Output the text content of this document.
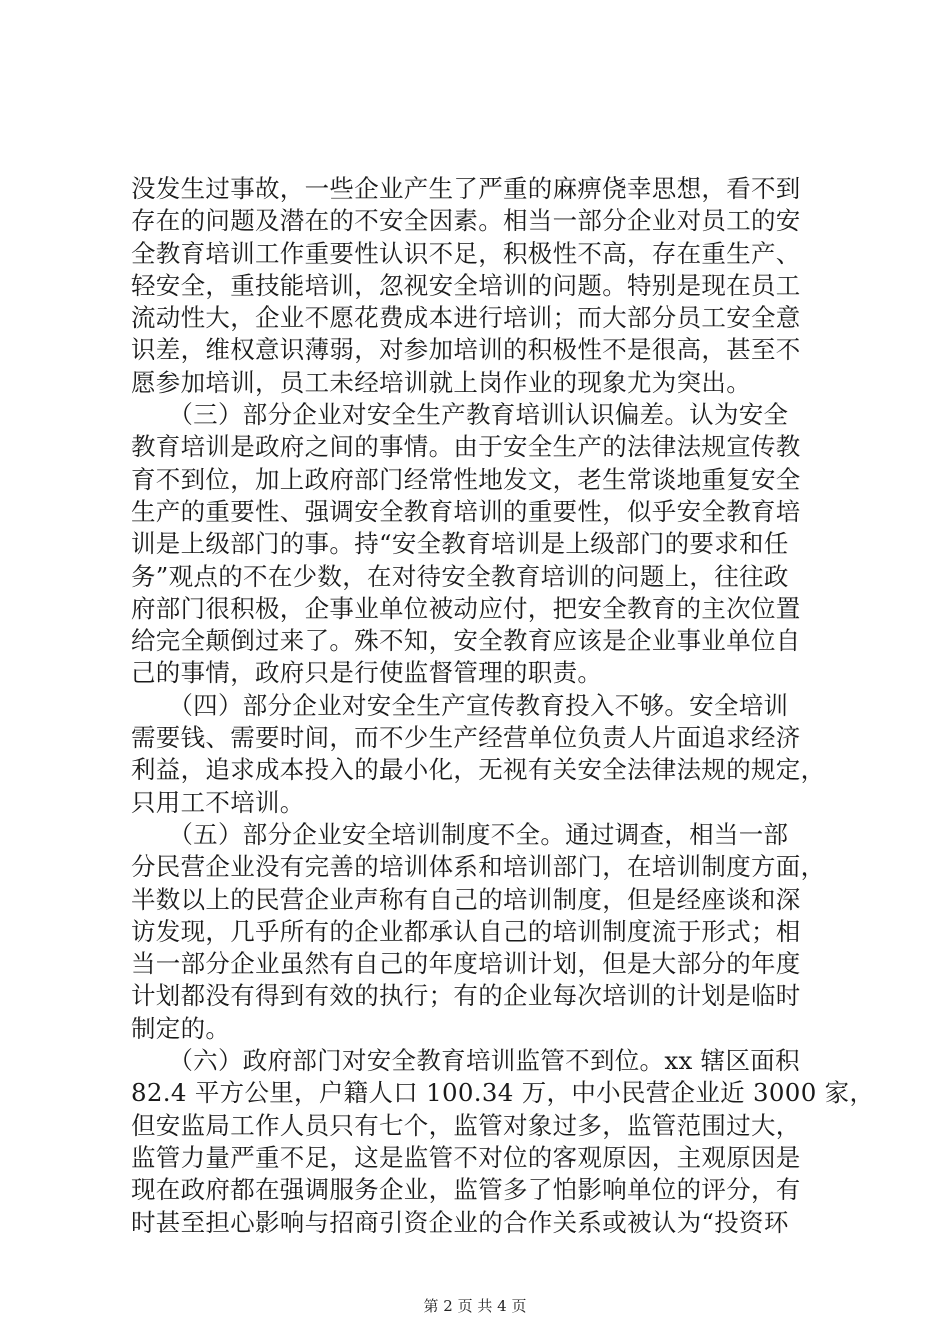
没发生过事故，一些企业产生了严重的麻痹侥幸思想，看不到
存在的问题及潜在的不安全因素。相当一部分企业对员工的安
全教育培训工作重要性认识不足，积极性不高，存在重生产、
轻安全，重技能培训，忽视安全培训的问题。特别是现在员工
流动性大，企业不愿花费成本进行培训；而大部分员工安全意
识差，维权意识薄弱，对参加培训的积极性不是很高，甚至不
愿参加培训，员工未经培训就上岗作业的现象尤为突出。

　　（三）部分企业对安全生产教育培训认识偏差。认为安全
教育培训是政府之间的事情。由于安全生产的法律法规宣传教
育不到位，加上政府部门经常性地发文，老生常谈地重复安全
生产的重要性、强调安全教育培训的重要性，似乎安全教育培
训是上级部门的事。持“安全教育培训是上级部门的要求和任
务”观点的不在少数，在对待安全教育培训的问题上，往往政
府部门很积极，企事业单位被动应付，把安全教育的主次位置
给完全颠倒过来了。殊不知，安全教育应该是企业事业单位自
己的事情，政府只是行使监督管理的职责。

　　（四）部分企业对安全生产宣传教育投入不够。安全培训
需要钱、需要时间，而不少生产经营单位负责人片面追求经济
利益，追求成本投入的最小化，无视有关安全法律法规的规定，
只用工不培训。

　　（五）部分企业安全培训制度不全。通过调查，相当一部
分民营企业没有完善的培训体系和培训部门，在培训制度方面，
半数以上的民营企业声称有自己的培训制度，但是经座谈和深
访发现，几乎所有的企业都承认自己的培训制度流于形式；相
当一部分企业虽然有自己的年度培训计划，但是大部分的年度
计划都没有得到有效的执行；有的企业每次培训的计划是临时
制定的。

　　（六）政府部门对安全教育培训监管不到位。xx 辖区面积
82.4 平方公里，户籍人口 100.34 万，中小民营企业近 3000 家，
但安监局工作人员只有七个，监管对象过多，监管范围过大，
监管力量严重不足，这是监管不对位的客观原因，主观原因是
现在政府都在强调服务企业，监管多了怕影响单位的评分，有
时甚至担心影响与招商引资企业的合作关系或被认为“投资环

第 2 页 共 4 页
